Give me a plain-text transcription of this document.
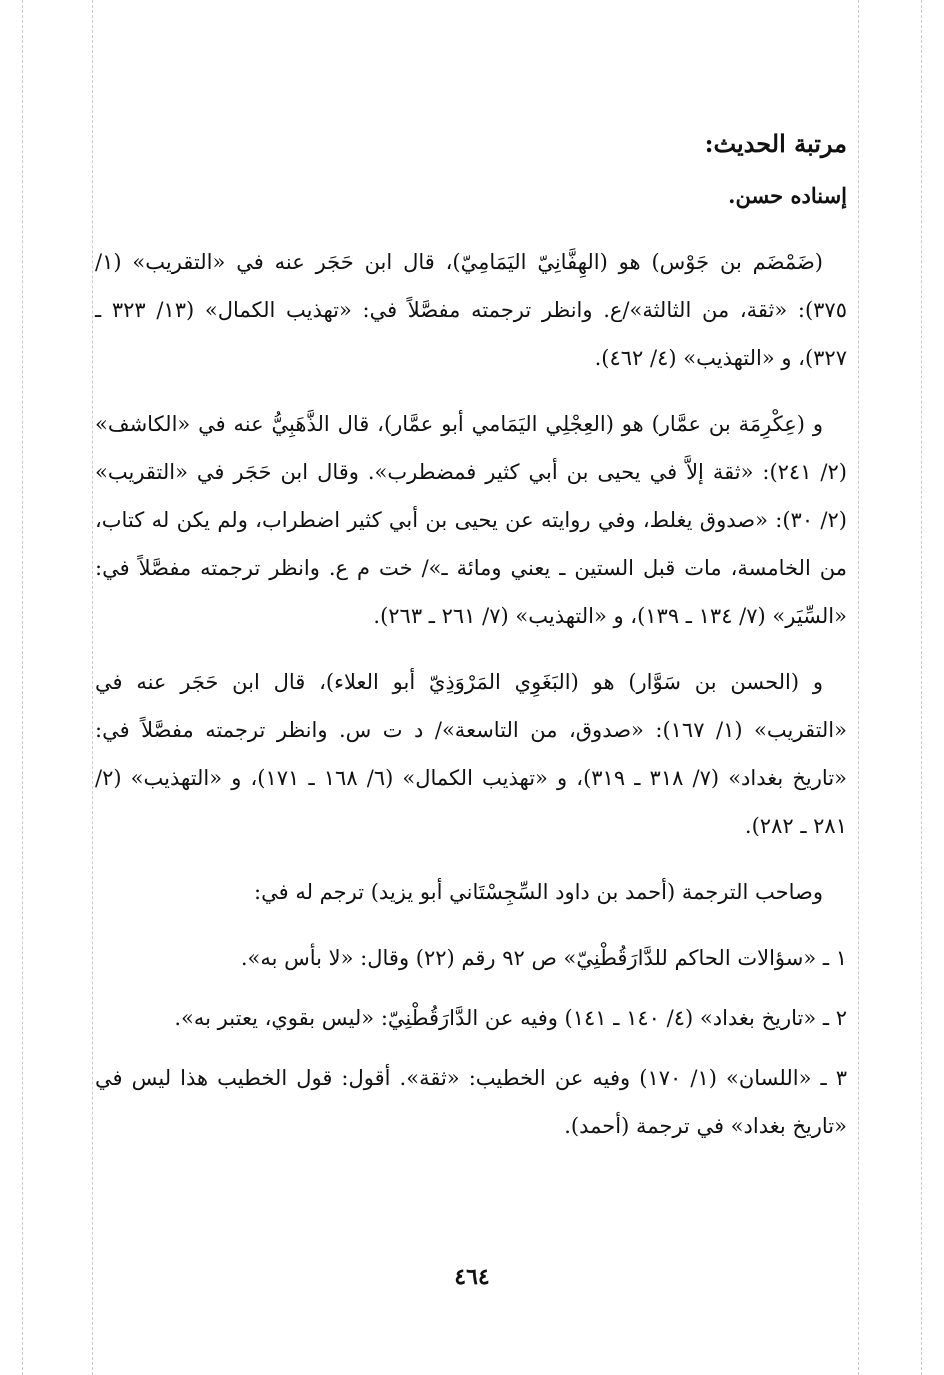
مرتبة الحديث:
إسناده حسن.

(ضَمْضَم بن جَوْس) هو (الهِفَّانِيّ اليَمَامِيّ)، قال ابن حَجَر عنه في «التقريب» (١/ ٣٧٥): «ثقة، من الثالثة»/ع. وانظر ترجمته مفصَّلاً في: «تهذيب الكمال» (١٣/ ٣٢٣ ـ ٣٢٧)، و «التهذيب» (٤/ ٤٦٢).

و (عِكْرِمَة بن عمَّار) هو (العِجْلِي اليَمَامي أبو عمَّار)، قال الذَّهَبِيُّ عنه في «الكاشف» (٢/ ٢٤١): «ثقة إلاَّ في يحيى بن أبي كثير فمضطرب». وقال ابن حَجَر في «التقريب» (٢/ ٣٠): «صدوق يغلط، وفي روايته عن يحيى بن أبي كثير اضطراب، ولم يكن له كتاب، من الخامسة، مات قبل الستين ـ يعني ومائة ـ»/ خت م ع. وانظر ترجمته مفصَّلاً في: «السِّيَر» (٧/ ١٣٤ ـ ١٣٩)، و «التهذيب» (٧/ ٢٦١ ـ ٢٦٣).

و (الحسن بن سَوَّار) هو (البَغَوِي المَرْوَذِيّ أبو العلاء)، قال ابن حَجَر عنه في «التقريب» (١/ ١٦٧): «صدوق، من التاسعة»/ د ت س. وانظر ترجمته مفصَّلاً في: «تاريخ بغداد» (٧/ ٣١٨ ـ ٣١٩)، و «تهذيب الكمال» (٦/ ١٦٨ ـ ١٧١)، و «التهذيب» (٢/ ٢٨١ ـ ٢٨٢).

وصاحب الترجمة (أحمد بن داود السِّجِسْتَاني أبو يزيد) ترجم له في:

١ ـ «سؤالات الحاكم للدَّارَقُطْنِيّ» ص ٩٢ رقم (٢٢) وقال: «لا بأس به».

٢ ـ «تاريخ بغداد» (٤/ ١٤٠ ـ ١٤١) وفيه عن الدَّارَقُطْنِيّ: «ليس بقوي، يعتبر به».

٣ ـ «اللسان» (١/ ١٧٠) وفيه عن الخطيب: «ثقة». أقول: قول الخطيب هذا ليس في «تاريخ بغداد» في ترجمة (أحمد).

٤٦٤
